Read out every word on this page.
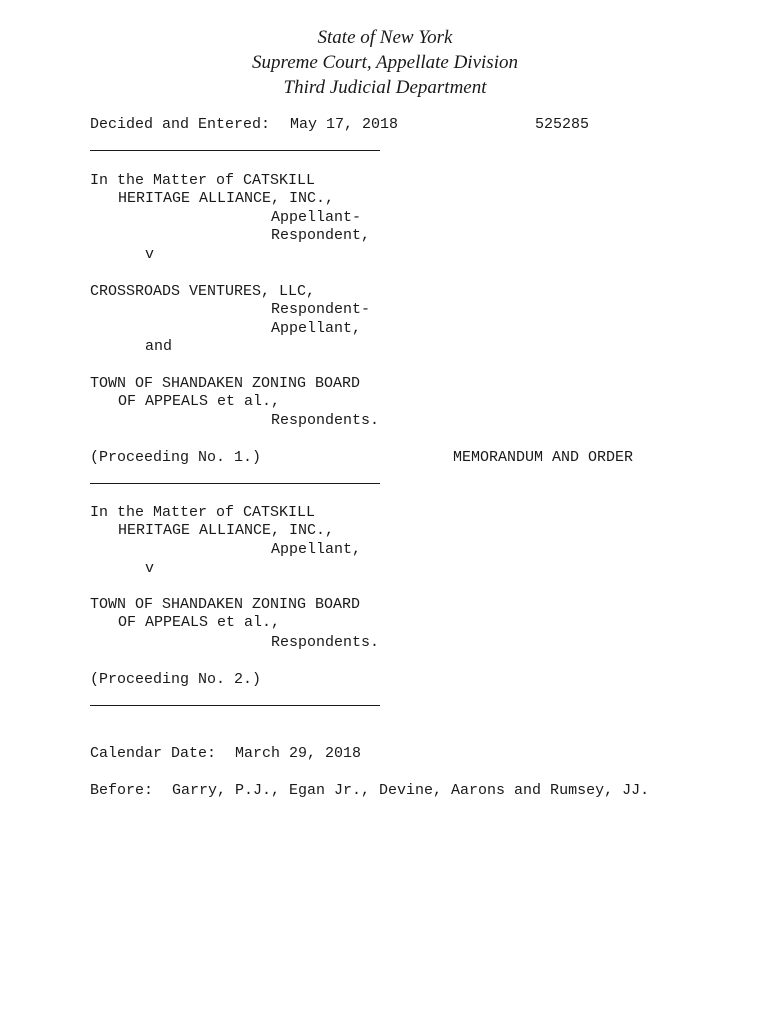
State of New York
Supreme Court, Appellate Division
Third Judicial Department
Decided and Entered: May 17, 2018	525285
In the Matter of CATSKILL
HERITAGE ALLIANCE, INC.,
Appellant-
Respondent,
v
CROSSROADS VENTURES, LLC,
Respondent-
Appellant,
and
TOWN OF SHANDAKEN ZONING BOARD
OF APPEALS et al.,
Respondents.
(Proceeding No. 1.)	MEMORANDUM AND ORDER
In the Matter of CATSKILL
HERITAGE ALLIANCE, INC.,
Appellant,
v
TOWN OF SHANDAKEN ZONING BOARD
OF APPEALS et al.,
Respondents.
(Proceeding No. 2.)
Calendar Date: March 29, 2018
Before: Garry, P.J., Egan Jr., Devine, Aarons and Rumsey, JJ.
